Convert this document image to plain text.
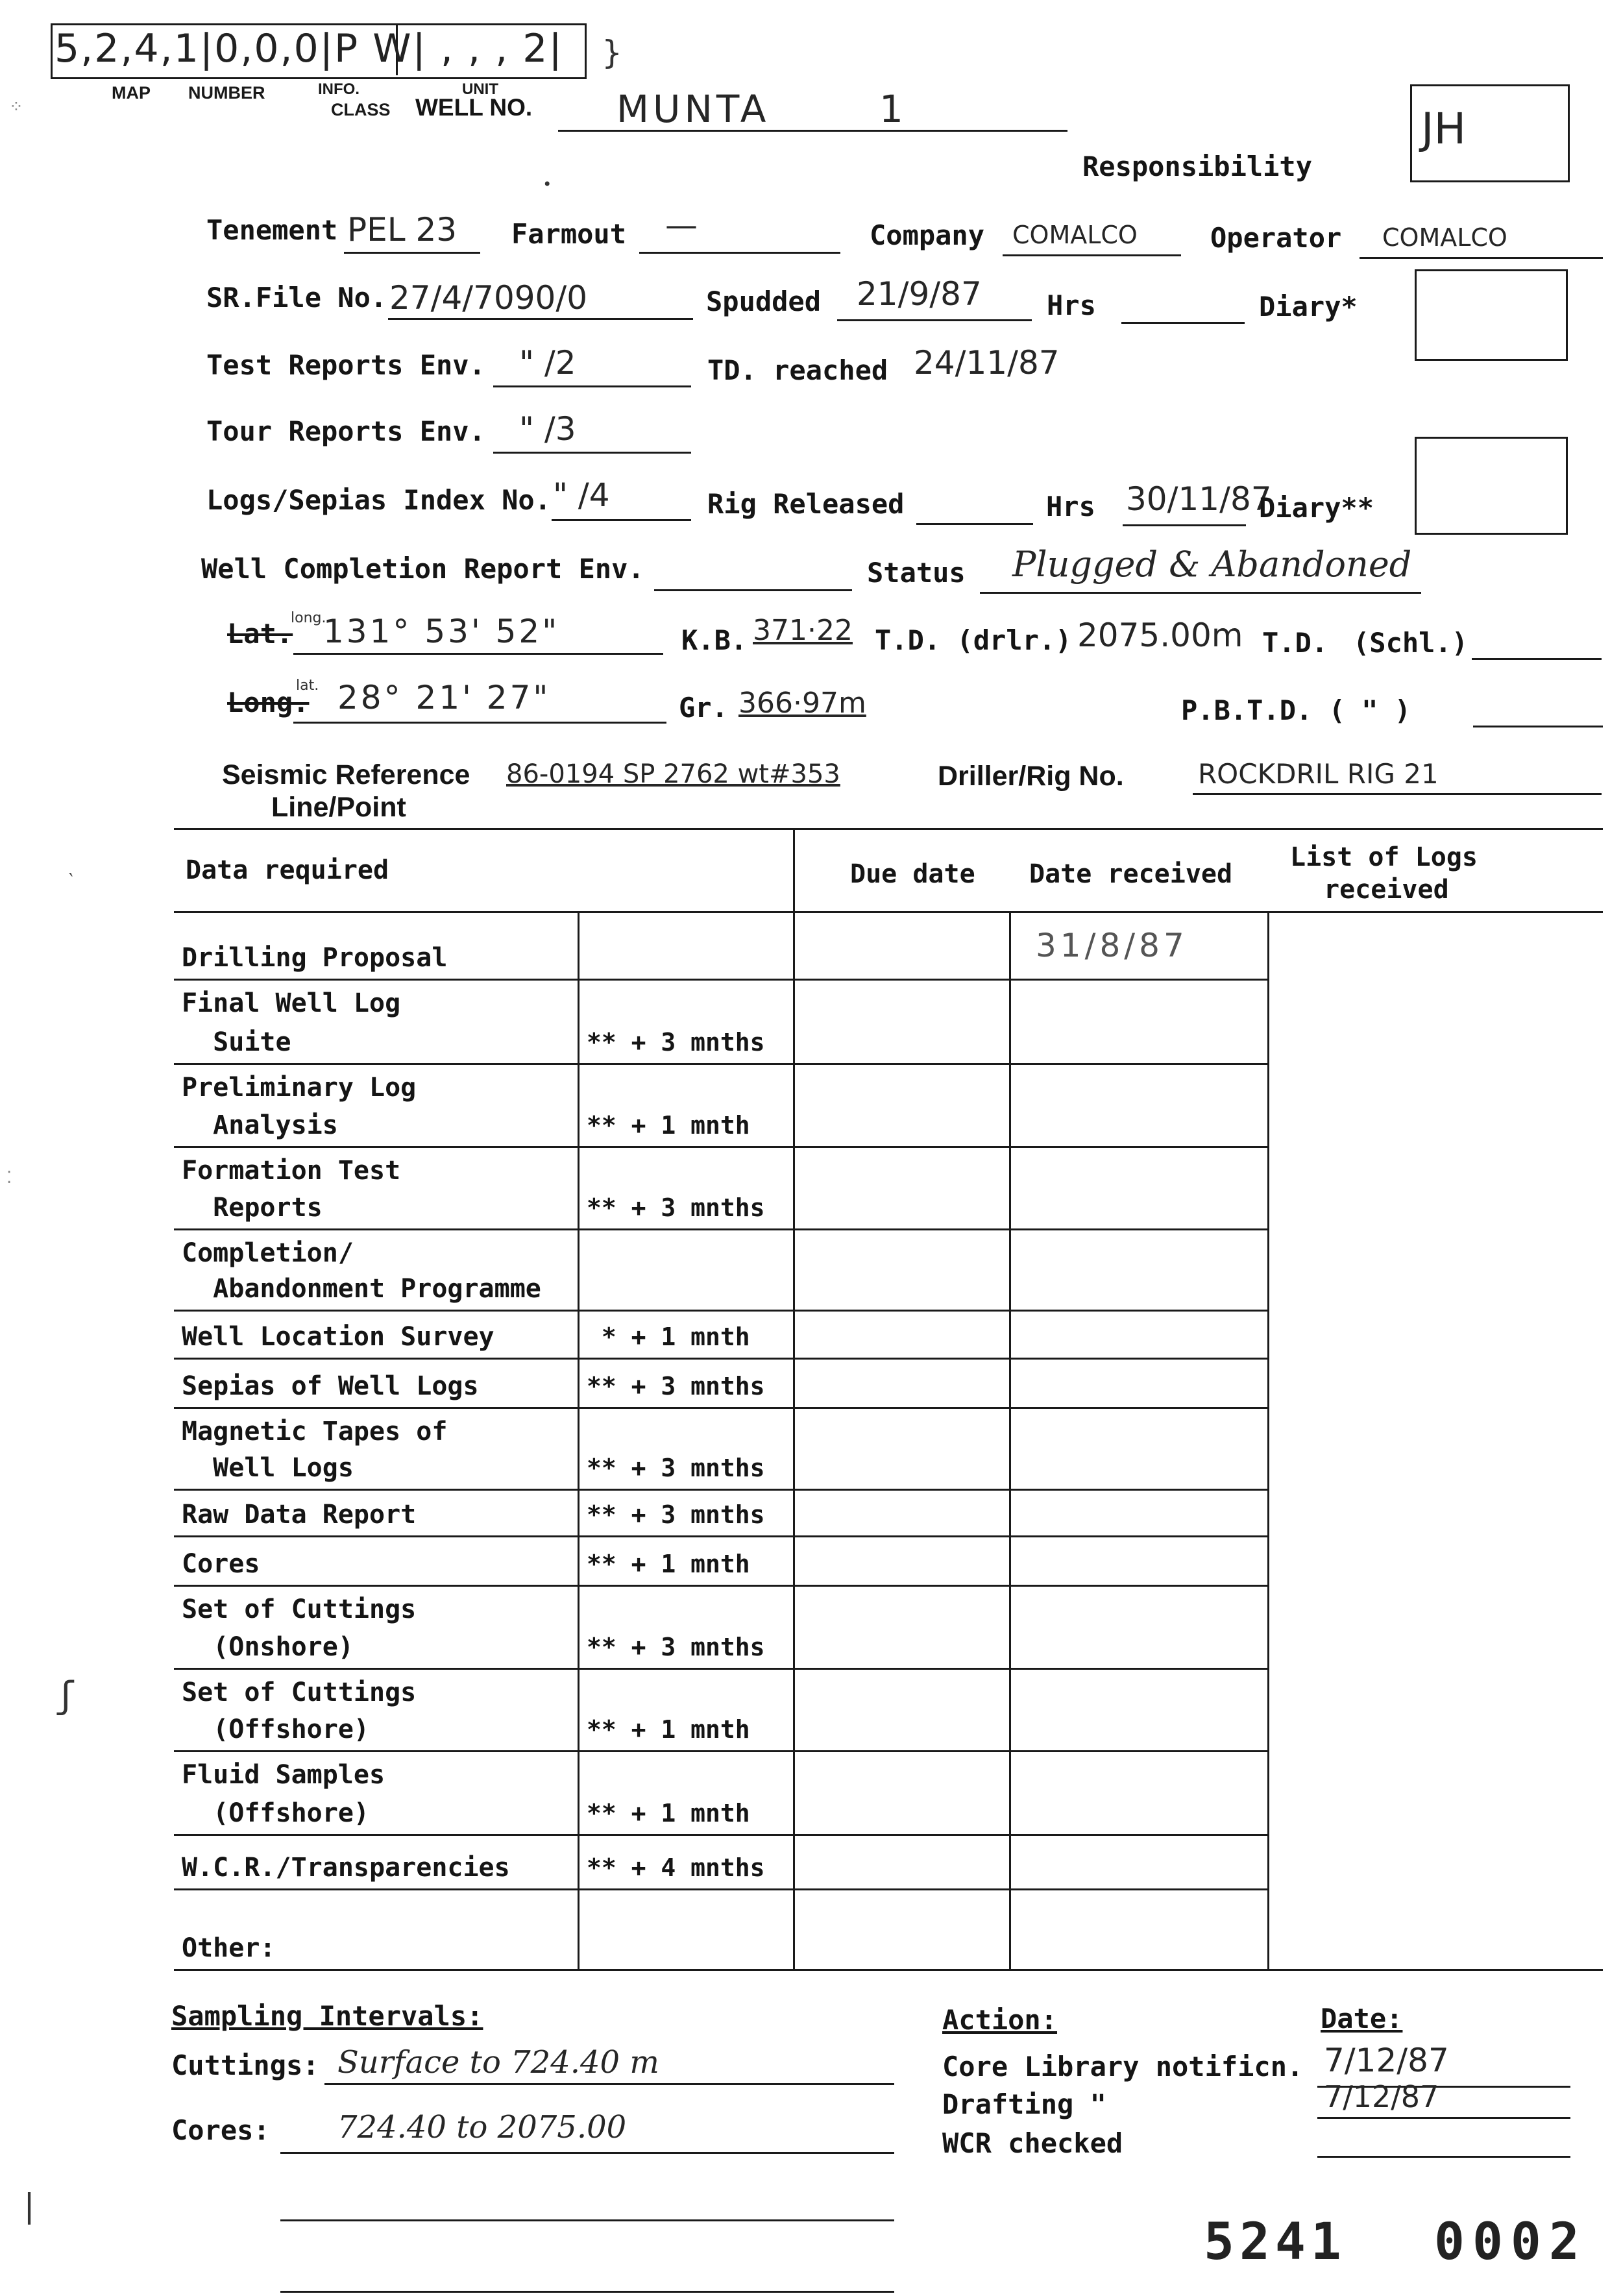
5,2,4,1|0,0,0|P W| , , , 2| }
MAP NUMBER	INFO.
CLASS
UNIT
WELL NO. MUNTA	1	JH
Responsibility
•
Tenement PEL 23 Farmout —	Company COMALCO	Operator COMALCO
SR.File No. 27/4/7090/0	Spudded 21/9/87 Hrs	Diary*
Test Reports Env. " /2	TD. reached 24/11/87
Tour Reports Env. " /3
Logs/Sepias Index No. " /4	Rig Released	Hrs 30/11/87
Diary**
Well Completion Report Env.	Status Plugged & Abandoned
Lat.
long.
131° 53' 52"	K.B. 371·22 T.D. (drlr.) 2075.00m T.D. (Schl.)
Long.
lat. 28° 21' 27"	Gr. 366·97m	P.B.T.D. ( " )
Seismic Reference
Line/Point
86-0194 SP 2762 wt#353	Driller/Rig No.	ROCKDRIL RIG 21
Data required	Due date Date received
List of Logs
received
Drilling Proposal	31/8/87
Final Well Log
Suite	** + 3 mnths
Preliminary Log
Analysis	** + 1 mnth
Formation Test
Reports	** + 3 mnths
Completion/
Abandonment Programme
Well Location Survey	* + 1 mnth
Sepias of Well Logs	** + 3 mnths
Magnetic Tapes of
Well Logs	** + 3 mnths
Raw Data Report	** + 3 mnths
Cores	** + 1 mnth
Set of Cuttings
(Onshore)	** + 3 mnths
Set of Cuttings
(Offshore)	** + 1 mnth
Fluid Samples
(Offshore)	** + 1 mnth
W.C.R./Transparencies	** + 4 mnths
Other:
Sampling Intervals:
Cuttings: Surface to 724.40 m
Cores: 724.40 to 2075.00
Action:	Date:
Core Library notificn. 7/12/87
Drafting "	7/12/87
WCR checked
5241 0002
⁘
‵
⁚
ʃ
|
